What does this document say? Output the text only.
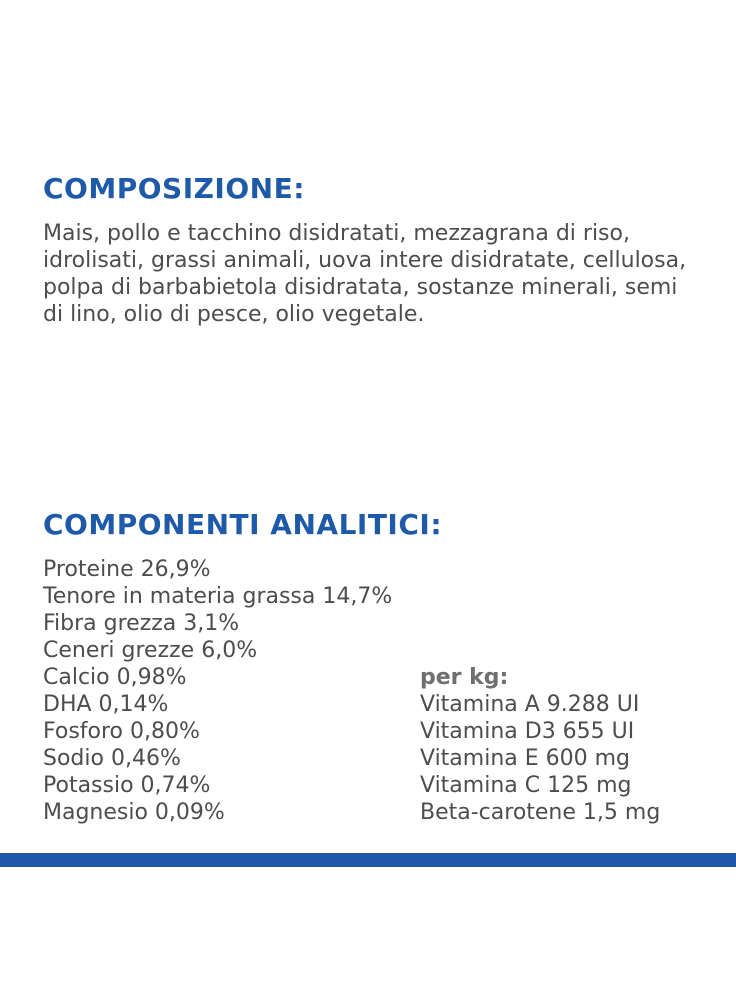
COMPOSIZIONE:

Mais, pollo e tacchino disidratati, mezzagrana di riso, idrolisati, grassi animali, uova intere disidratate, cellulosa, polpa di barbabietola disidratata, sostanze minerali, semi di lino, olio di pesce, olio vegetale.

COMPONENTI ANALITICI:
Proteine 26,9%
Tenore in materia grassa 14,7%
Fibra grezza 3,1%
Ceneri grezze 6,0%
Calcio 0,98%
DHA 0,14%
Fosforo 0,80%
Sodio 0,46%
Potassio 0,74%
Magnesio 0,09%
per kg:
Vitamina A 9.288 UI
Vitamina D3 655 UI
Vitamina E 600 mg
Vitamina C 125 mg
Beta-carotene 1,5 mg
